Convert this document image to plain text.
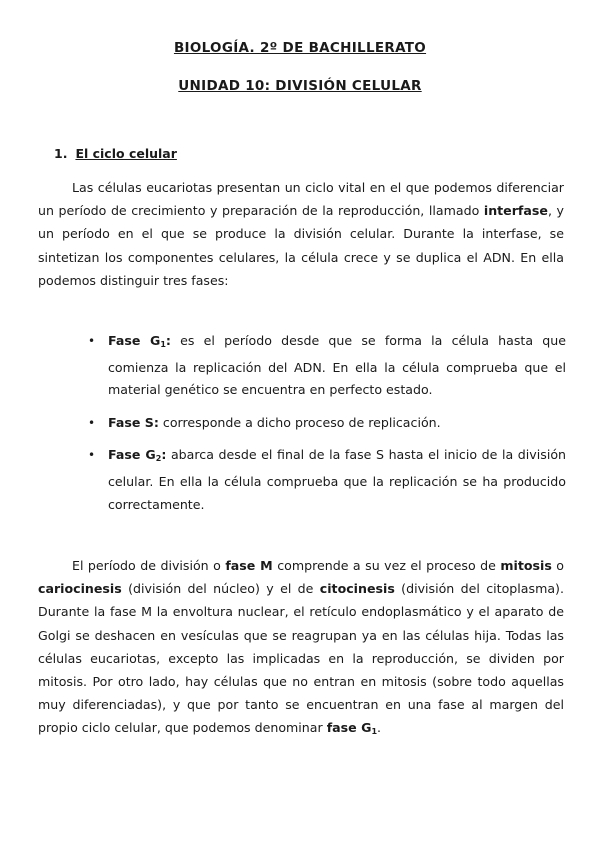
BIOLOGÍA. 2º DE BACHILLERATO
UNIDAD 10: DIVISIÓN CELULAR
1. El ciclo celular
Las células eucariotas presentan un ciclo vital en el que podemos diferenciar un período de crecimiento y preparación de la reproducción, llamado interfase, y un período en el que se produce la división celular. Durante la interfase, se sintetizan los componentes celulares, la célula crece y se duplica el ADN. En ella podemos distinguir tres fases:
• Fase $G_1$: es el período desde que se forma la célula hasta que comienza la replicación del ADN. En ella la célula comprueba que el material genético se encuentra en perfecto estado.
• Fase S: corresponde a dicho proceso de replicación.
• Fase $G_2$: abarca desde el final de la fase S hasta el inicio de la división celular. En ella la célula comprueba que la replicación se ha producido correctamente.
El período de división o fase M comprende a su vez el proceso de mitosis o cariocinesis (división del núcleo) y el de citocinesis (división del citoplasma). Durante la fase M la envoltura nuclear, el retículo endoplasmático y el aparato de Golgi se deshacen en vesículas que se reagrupan ya en las células hija. Todas las células eucariotas, excepto las implicadas en la reproducción, se dividen por mitosis. Por otro lado, hay células que no entran en mitosis (sobre todo aquellas muy diferenciadas), y que por tanto se encuentran en una fase al margen del propio ciclo celular, que podemos denominar fase $G_1$.
